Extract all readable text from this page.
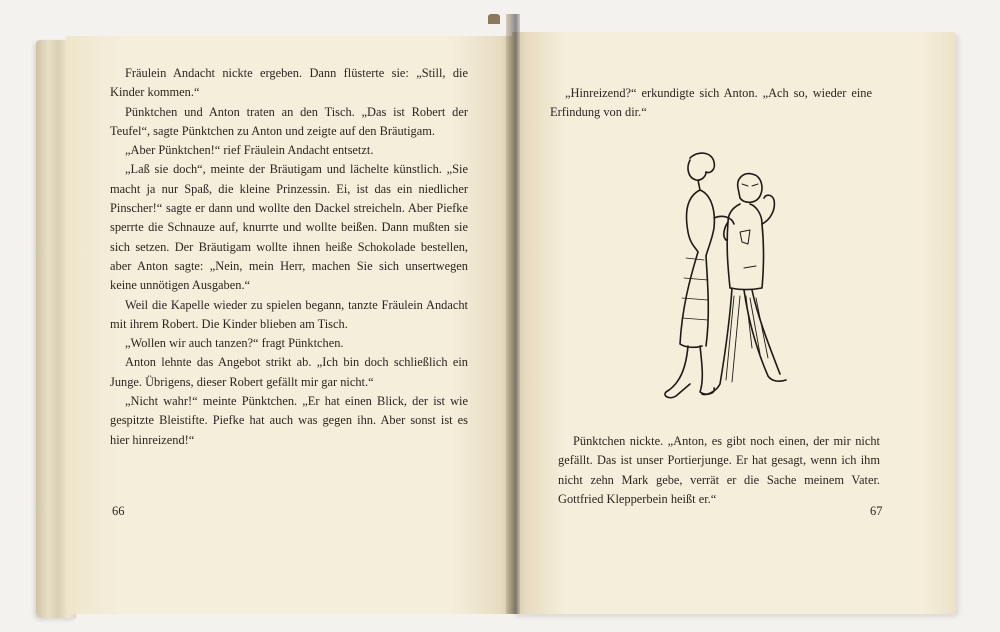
Fräulein Andacht nickte ergeben. Dann flüsterte sie: „Still, die Kinder kommen.“

Pünktchen und Anton traten an den Tisch. „Das ist Robert der Teufel“, sagte Pünktchen zu Anton und zeigte auf den Bräutigam.

„Aber Pünktchen!“ rief Fräulein Andacht entsetzt.

„Laß sie doch“, meinte der Bräutigam und lächelte künstlich. „Sie macht ja nur Spaß, die kleine Prinzessin. Ei, ist das ein niedlicher Pinscher!“ sagte er dann und wollte den Dackel streicheln. Aber Piefke sperrte die Schnauze auf, knurrte und wollte beißen. Dann mußten sie sich setzen. Der Bräutigam wollte ihnen heiße Schokolade bestellen, aber Anton sagte: „Nein, mein Herr, machen Sie sich unsertwegen keine unnötigen Ausgaben.“

Weil die Kapelle wieder zu spielen begann, tanzte Fräulein Andacht mit ihrem Robert. Die Kinder blieben am Tisch.

„Wollen wir auch tanzen?“ fragt Pünktchen.

Anton lehnte das Angebot strikt ab. „Ich bin doch schließlich ein Junge. Übrigens, dieser Robert gefällt mir gar nicht.“

„Nicht wahr!“ meinte Pünktchen. „Er hat einen Blick, der ist wie gespitzte Bleistifte. Piefke hat auch was gegen ihn. Aber sonst ist es hier hinreizend!“

66

„Hinreizend?“ erkundigte sich Anton. „Ach so, wieder eine Erfindung von dir.“

Pünktchen nickte. „Anton, es gibt noch einen, der mir nicht gefällt. Das ist unser Portierjunge. Er hat gesagt, wenn ich ihm nicht zehn Mark gebe, verrät er die Sache meinem Vater. Gottfried Klepperbein heißt er.“

67
